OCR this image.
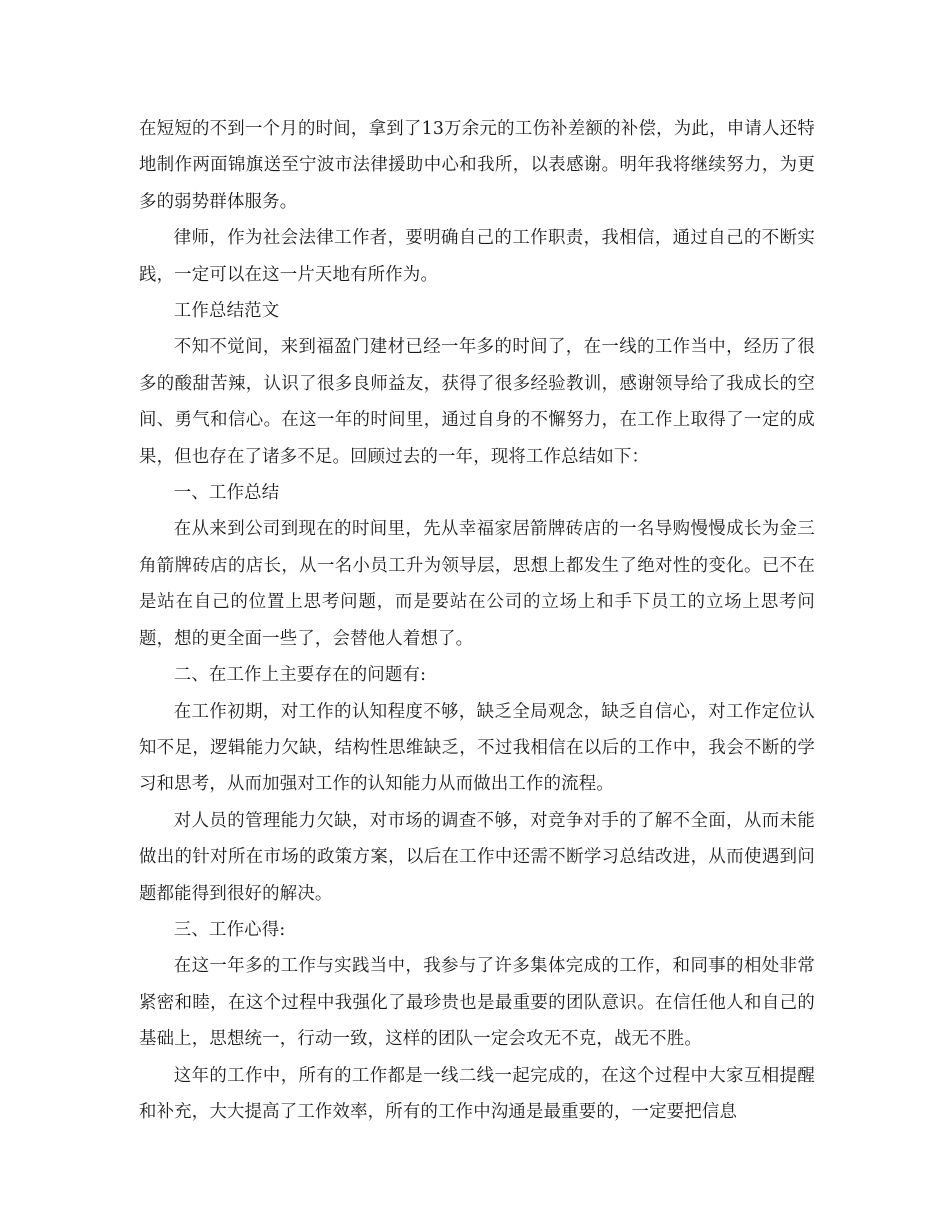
在短短的不到一个月的时间，拿到了13万余元的工伤补差额的补偿，为此，申请人还特地制作两面锦旗送至宁波市法律援助中心和我所，以表感谢。明年我将继续努力，为更多的弱势群体服务。

律师，作为社会法律工作者，要明确自己的工作职责，我相信，通过自己的不断实践，一定可以在这一片天地有所作为。

工作总结范文

不知不觉间，来到福盈门建材已经一年多的时间了，在一线的工作当中，经历了很多的酸甜苦辣，认识了很多良师益友，获得了很多经验教训，感谢领导给了我成长的空间、勇气和信心。在这一年的时间里，通过自身的不懈努力，在工作上取得了一定的成果，但也存在了诸多不足。回顾过去的一年，现将工作总结如下：

一、工作总结

在从来到公司到现在的时间里，先从幸福家居箭牌砖店的一名导购慢慢成长为金三角箭牌砖店的店长，从一名小员工升为领导层，思想上都发生了绝对性的变化。已不在是站在自己的位置上思考问题，而是要站在公司的立场上和手下员工的立场上思考问题，想的更全面一些了，会替他人着想了。

二、在工作上主要存在的问题有:

在工作初期，对工作的认知程度不够，缺乏全局观念，缺乏自信心，对工作定位认知不足，逻辑能力欠缺，结构性思维缺乏，不过我相信在以后的工作中，我会不断的学习和思考，从而加强对工作的认知能力从而做出工作的流程。

对人员的管理能力欠缺，对市场的调查不够，对竞争对手的了解不全面，从而未能做出的针对所在市场的政策方案，以后在工作中还需不断学习总结改进，从而使遇到问题都能得到很好的解决。

三、工作心得:

在这一年多的工作与实践当中，我参与了许多集体完成的工作，和同事的相处非常紧密和睦，在这个过程中我强化了最珍贵也是最重要的团队意识。在信任他人和自己的基础上，思想统一，行动一致，这样的团队一定会攻无不克，战无不胜。

这年的工作中，所有的工作都是一线二线一起完成的，在这个过程中大家互相提醒和补充，大大提高了工作效率，所有的工作中沟通是最重要的，一定要把信息
